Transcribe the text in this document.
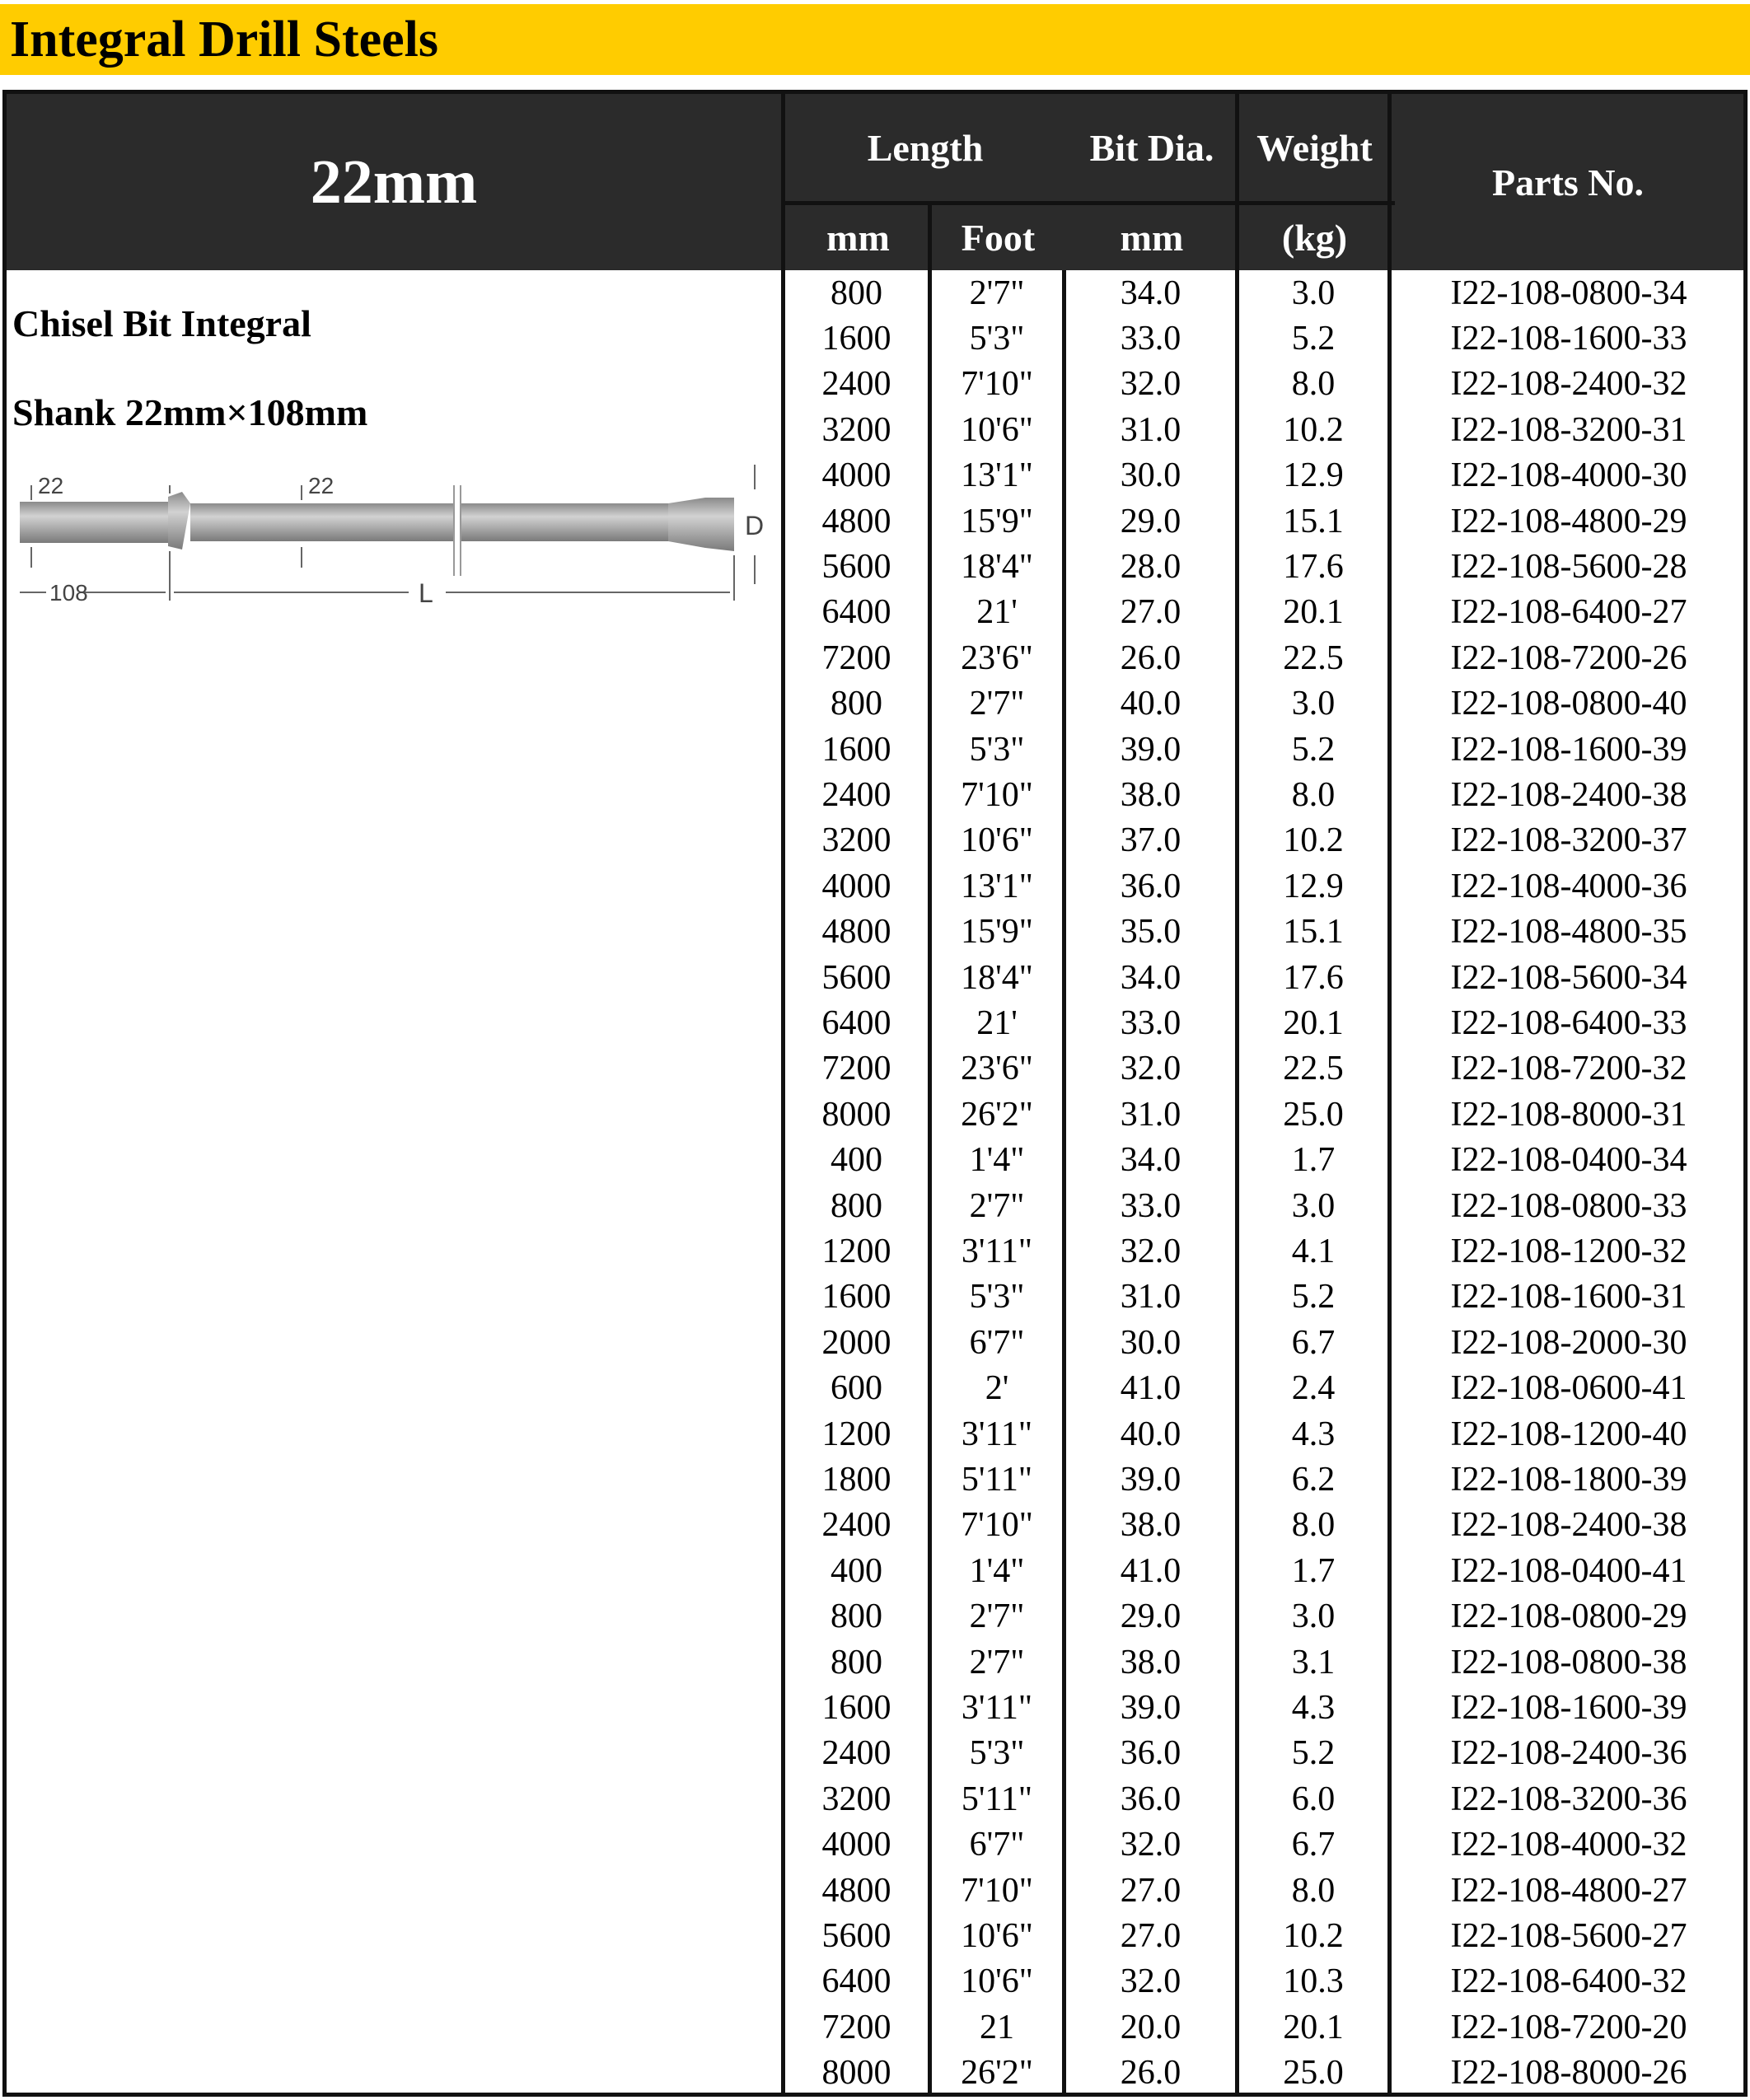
Integral Drill Steels
22mm	Length	Bit Dia.	Weight
Parts No.
mm	Foot	mm	(kg)
Chisel Bit Integral
Shank 22mm×108mm
22	22
108	L
D
800	2'7"	34.0	3.0	I22-108-0800-34
1600	5'3"	33.0	5.2	I22-108-1600-33
2400	7'10"	32.0	8.0	I22-108-2400-32
3200	10'6"	31.0	10.2	I22-108-3200-31
4000	13'1"	30.0	12.9	I22-108-4000-30
4800	15'9"	29.0	15.1	I22-108-4800-29
5600	18'4"	28.0	17.6	I22-108-5600-28
6400	21'	27.0	20.1	I22-108-6400-27
7200	23'6"	26.0	22.5	I22-108-7200-26
800	2'7"	40.0	3.0	I22-108-0800-40
1600	5'3"	39.0	5.2	I22-108-1600-39
2400	7'10"	38.0	8.0	I22-108-2400-38
3200	10'6"	37.0	10.2	I22-108-3200-37
4000	13'1"	36.0	12.9	I22-108-4000-36
4800	15'9"	35.0	15.1	I22-108-4800-35
5600	18'4"	34.0	17.6	I22-108-5600-34
6400	21'	33.0	20.1	I22-108-6400-33
7200	23'6"	32.0	22.5	I22-108-7200-32
8000	26'2"	31.0	25.0	I22-108-8000-31
400	1'4"	34.0	1.7	I22-108-0400-34
800	2'7"	33.0	3.0	I22-108-0800-33
1200	3'11"	32.0	4.1	I22-108-1200-32
1600	5'3"	31.0	5.2	I22-108-1600-31
2000	6'7"	30.0	6.7	I22-108-2000-30
600	2'	41.0	2.4	I22-108-0600-41
1200	3'11"	40.0	4.3	I22-108-1200-40
1800	5'11"	39.0	6.2	I22-108-1800-39
2400	7'10"	38.0	8.0	I22-108-2400-38
400	1'4"	41.0	1.7	I22-108-0400-41
800	2'7"	29.0	3.0	I22-108-0800-29
800	2'7"	38.0	3.1	I22-108-0800-38
1600	3'11"	39.0	4.3	I22-108-1600-39
2400	5'3"	36.0	5.2	I22-108-2400-36
3200	5'11"	36.0	6.0	I22-108-3200-36
4000	6'7"	32.0	6.7	I22-108-4000-32
4800	7'10"	27.0	8.0	I22-108-4800-27
5600	10'6"	27.0	10.2	I22-108-5600-27
6400	10'6"	32.0	10.3	I22-108-6400-32
7200	21	20.0	20.1	I22-108-7200-20
8000	26'2"	26.0	25.0	I22-108-8000-26
